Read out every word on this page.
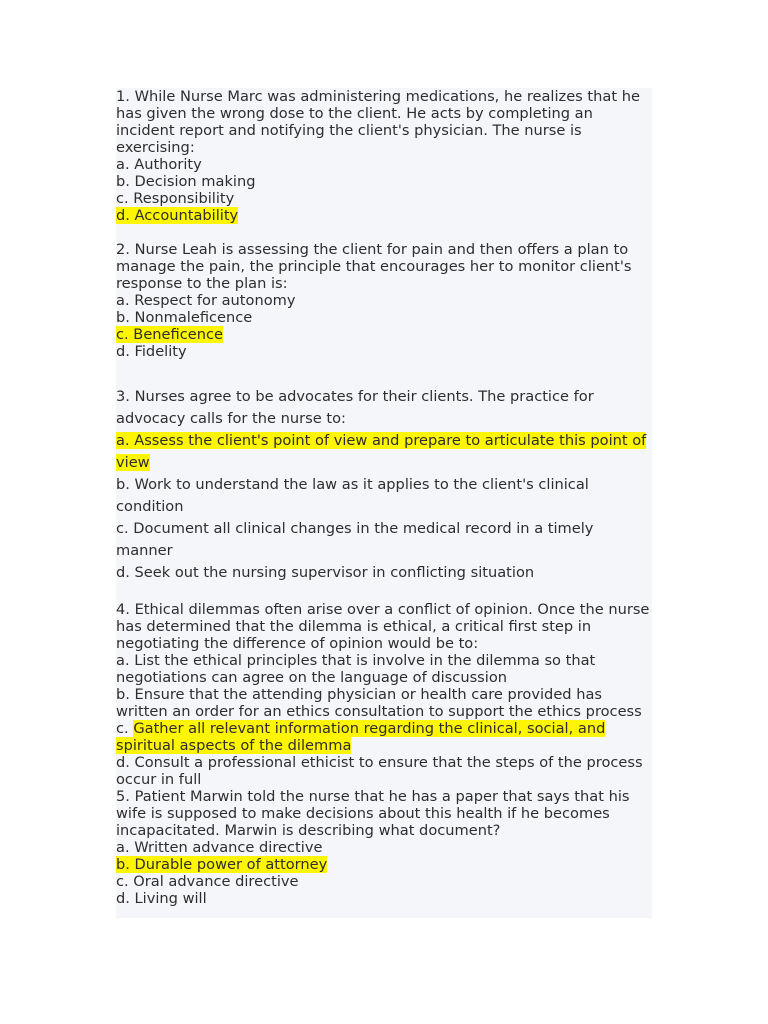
1. While Nurse Marc was administering medications, he realizes that he has given the wrong dose to the client. He acts by completing an incident report and notifying the client's physician. The nurse is exercising:

a. Authority

b. Decision making

c. Responsibility

d. Accountability

2. Nurse Leah is assessing the client for pain and then offers a plan to manage the pain, the principle that encourages her to monitor client's response to the plan is:

a. Respect for autonomy

b. Nonmaleficence

c. Beneficence

d. Fidelity

3. Nurses agree to be advocates for their clients. The practice for advocacy calls for the nurse to:

a. Assess the client's point of view and prepare to articulate this point of view

b. Work to understand the law as it applies to the client's clinical condition

c. Document all clinical changes in the medical record in a timely manner

d. Seek out the nursing supervisor in conflicting situation

4. Ethical dilemmas often arise over a conflict of opinion. Once the nurse has determined that the dilemma is ethical, a critical first step in negotiating the difference of opinion would be to:

a. List the ethical principles that is involve in the dilemma so that negotiations can agree on the language of discussion

b. Ensure that the attending physician or health care provided has written an order for an ethics consultation to support the ethics process

c. Gather all relevant information regarding the clinical, social, and spiritual aspects of the dilemma

d. Consult a professional ethicist to ensure that the steps of the process occur in full

5. Patient Marwin told the nurse that he has a paper that says that his wife is supposed to make decisions about this health if he becomes incapacitated. Marwin is describing what document?

a. Written advance directive

b. Durable power of attorney

c. Oral advance directive

d. Living will
